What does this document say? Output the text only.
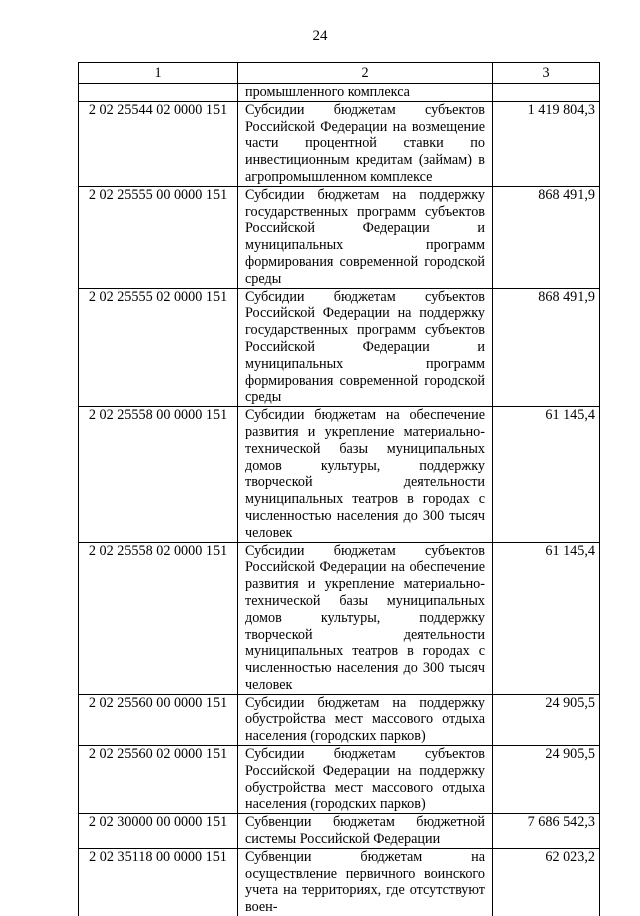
24
1	2	3
	промышленного комплекса	
2 02 25544 02 0000 151	Субсидии бюджетам субъектов Российской Федерации на возмещение части процентной ставки по инвестиционным кредитам (займам) в агропромышленном комплексе	1 419 804,3
2 02 25555 00 0000 151	Субсидии бюджетам на поддержку государственных программ субъектов Российской Федерации и муниципальных программ формирования современной городской среды	868 491,9
2 02 25555 02 0000 151	Субсидии бюджетам субъектов Российской Федерации на поддержку государственных программ субъектов Российской Федерации и муниципальных программ формирования современной городской среды	868 491,9
2 02 25558 00 0000 151	Субсидии бюджетам на обеспечение развития и укрепление материально-технической базы муниципальных домов культуры, поддержку творческой деятельности муниципальных театров в городах с численностью населения до 300 тысяч человек	61 145,4
2 02 25558 02 0000 151	Субсидии бюджетам субъектов Российской Федерации на обеспечение развития и укрепление материально-технической базы муниципальных домов культуры, поддержку творческой деятельности муниципальных театров в городах с численностью населения до 300 тысяч человек	61 145,4
2 02 25560 00 0000 151	Субсидии бюджетам на поддержку обустройства мест массового отдыха населения (городских парков)	24 905,5
2 02 25560 02 0000 151	Субсидии бюджетам субъектов Российской Федерации на поддержку обустройства мест массового отдыха населения (городских парков)	24 905,5
2 02 30000 00 0000 151	Субвенции бюджетам бюджетной системы Российской Федерации	7 686 542,3
2 02 35118 00 0000 151	Субвенции бюджетам на осуществление первичного воинского учета на территориях, где отсутствуют воен-	62 023,2
